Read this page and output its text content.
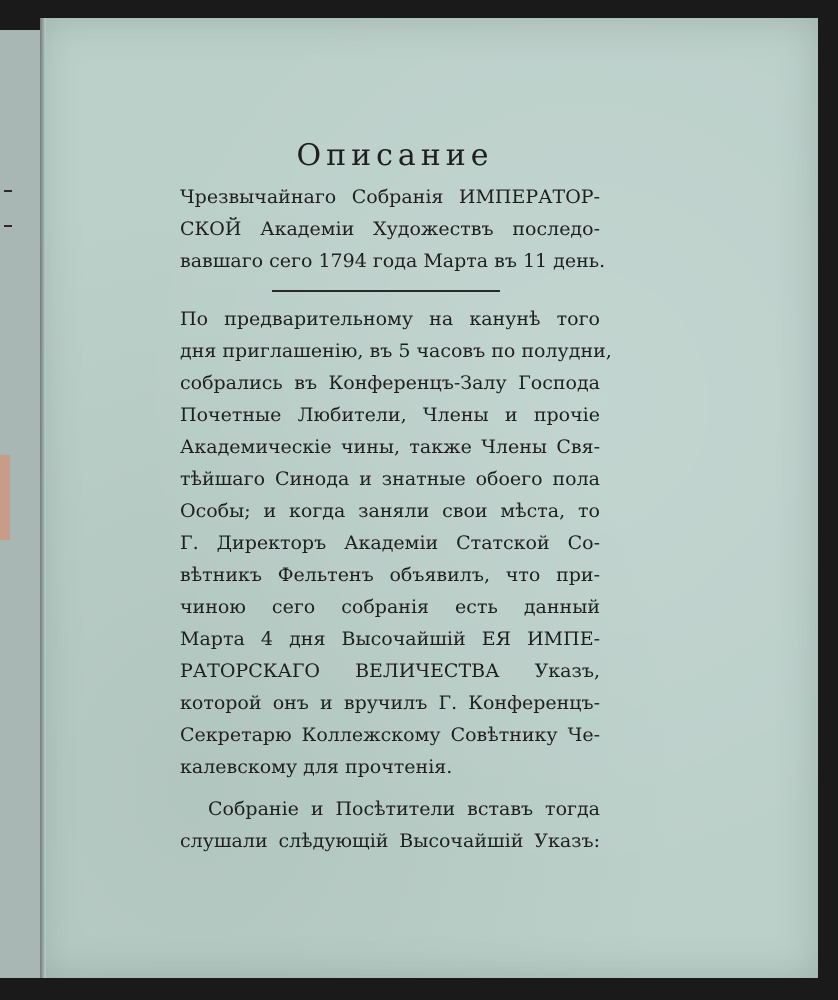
Описание
Чрезвычайнаго Собранія ИМПЕРАТОР-
СКОЙ Академіи Художествъ последо-
вавшаго сего 1794 года Марта въ 11 день.
По предварительному на канунѣ того
дня приглашенію, въ 5 часовъ по полудни,
собрались въ Конференцъ-Залу Господа
Почетные Любители, Члены и прочіе
Академическіе чины, также Члены Свя-
тѣйшаго Синода и знатные обоего пола
Особы; и когда заняли свои мѣста, то
Г. Директоръ Академіи Статской Со-
вѣтникъ Фельтенъ объявилъ, что при-
чиною сего собранія есть данный
Марта 4 дня Высочайшій ЕЯ ИМПЕ-
РАТОРСКАГО ВЕЛИЧЕСТВА Указъ,
которой онъ и вручилъ Г. Конференцъ-
Секретарю Коллежскому Совѣтнику Че-
калевскому для прочтенія.
Собраніе и Посѣтители вставъ тогда
слушали слѣдующій Высочайшій Указъ:
